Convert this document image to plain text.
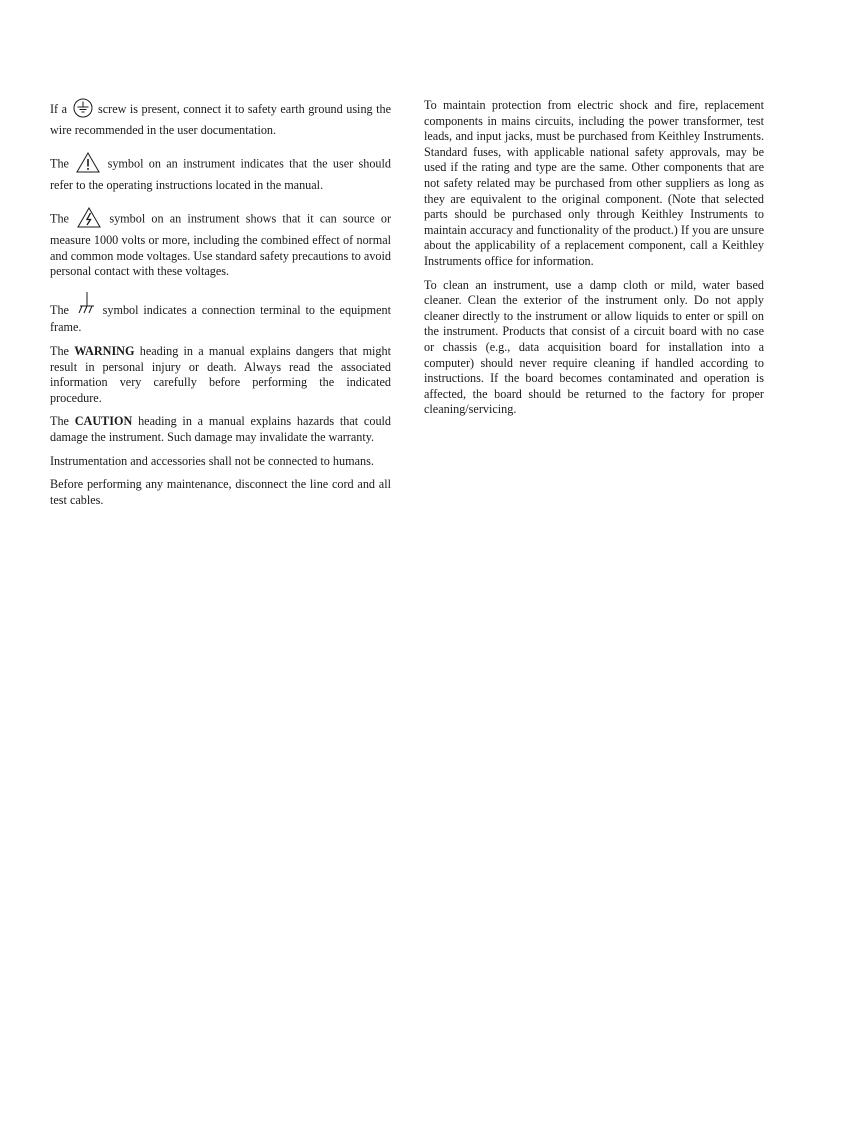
If a	screw is present, connect it to safety earth ground using the wire recommended in the user documentation.

The	symbol on an instrument indicates that the user should refer to the operating instructions located in the manual.

The	symbol on an instrument shows that it can source or measure 1000 volts or more, including the combined effect of normal and common mode voltages. Use standard safety precautions to avoid personal contact with these voltages.

The	symbol indicates a connection terminal to the equipment frame.

The WARNING heading in a manual explains dangers that might result in personal injury or death. Always read the associated information very carefully before performing the indicated procedure.

The CAUTION heading in a manual explains hazards that could damage the instrument. Such damage may invalidate the warranty.

Instrumentation and accessories shall not be connected to humans.

Before performing any maintenance, disconnect the line cord and all test cables.

To maintain protection from electric shock and fire, replacement components in mains circuits, including the power transformer, test leads, and input jacks, must be purchased from Keithley Instruments. Standard fuses, with applicable national safety approvals, may be used if the rating and type are the same. Other components that are not safety related may be purchased from other suppliers as long as they are equivalent to the original component. (Note that selected parts should be purchased only through Keithley Instruments to maintain accuracy and functionality of the product.) If you are unsure about the applicability of a replacement component, call a Keithley Instruments office for information.

To clean an instrument, use a damp cloth or mild, water based cleaner. Clean the exterior of the instrument only. Do not apply cleaner directly to the instrument or allow liquids to enter or spill on the instrument. Products that consist of a circuit board with no case or chassis (e.g., data acquisition board for installation into a computer) should never require cleaning if handled according to instructions. If the board becomes contaminated and operation is affected, the board should be returned to the factory for proper cleaning/servicing.
